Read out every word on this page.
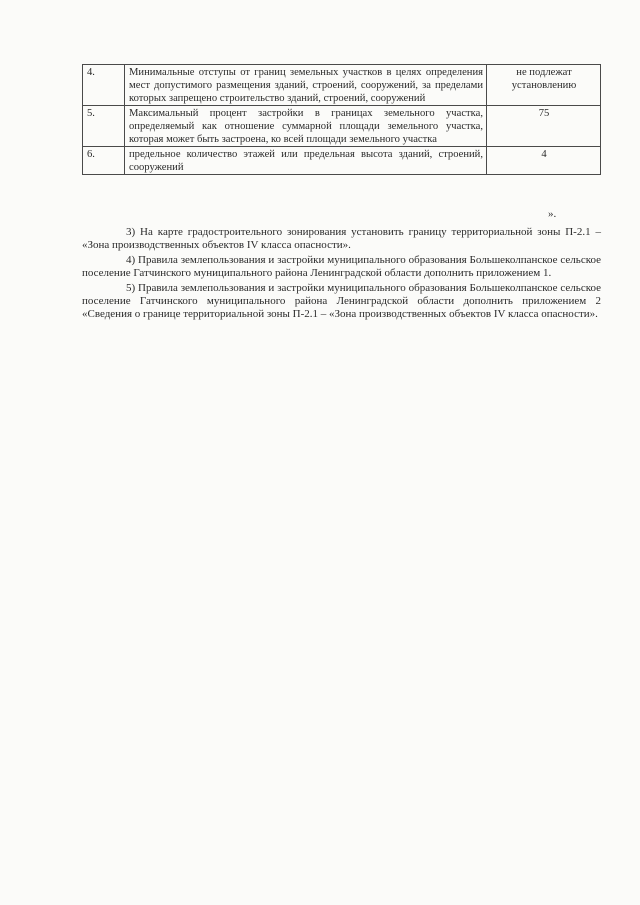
4.	Минимальные отступы от границ земельных участков в целях определения мест допустимого размещения зданий, строений, сооружений, за пределами которых запрещено строительство зданий, строений, сооружений	не подлежат установлению
5.	Максимальный процент застройки в границах земельного участка, определяемый как отношение суммарной площади земельного участка, которая может быть застроена, ко всей площади земельного участка	75
6.	предельное количество этажей или предельная высота зданий, строений, сооружений	4
».

3) На карте градостроительного зонирования установить границу территориальной зоны П-2.1 – «Зона производственных объектов IV класса опасности».

4) Правила землепользования и застройки муниципального образования Большеколпанское сельское поселение Гатчинского муниципального района Ленинградской области дополнить приложением 1.

5) Правила землепользования и застройки муниципального образования Большеколпанское сельское поселение Гатчинского муниципального района Ленинградской области дополнить приложением 2 «Сведения о границе территориальной зоны П-2.1 – «Зона производственных объектов IV класса опасности».
